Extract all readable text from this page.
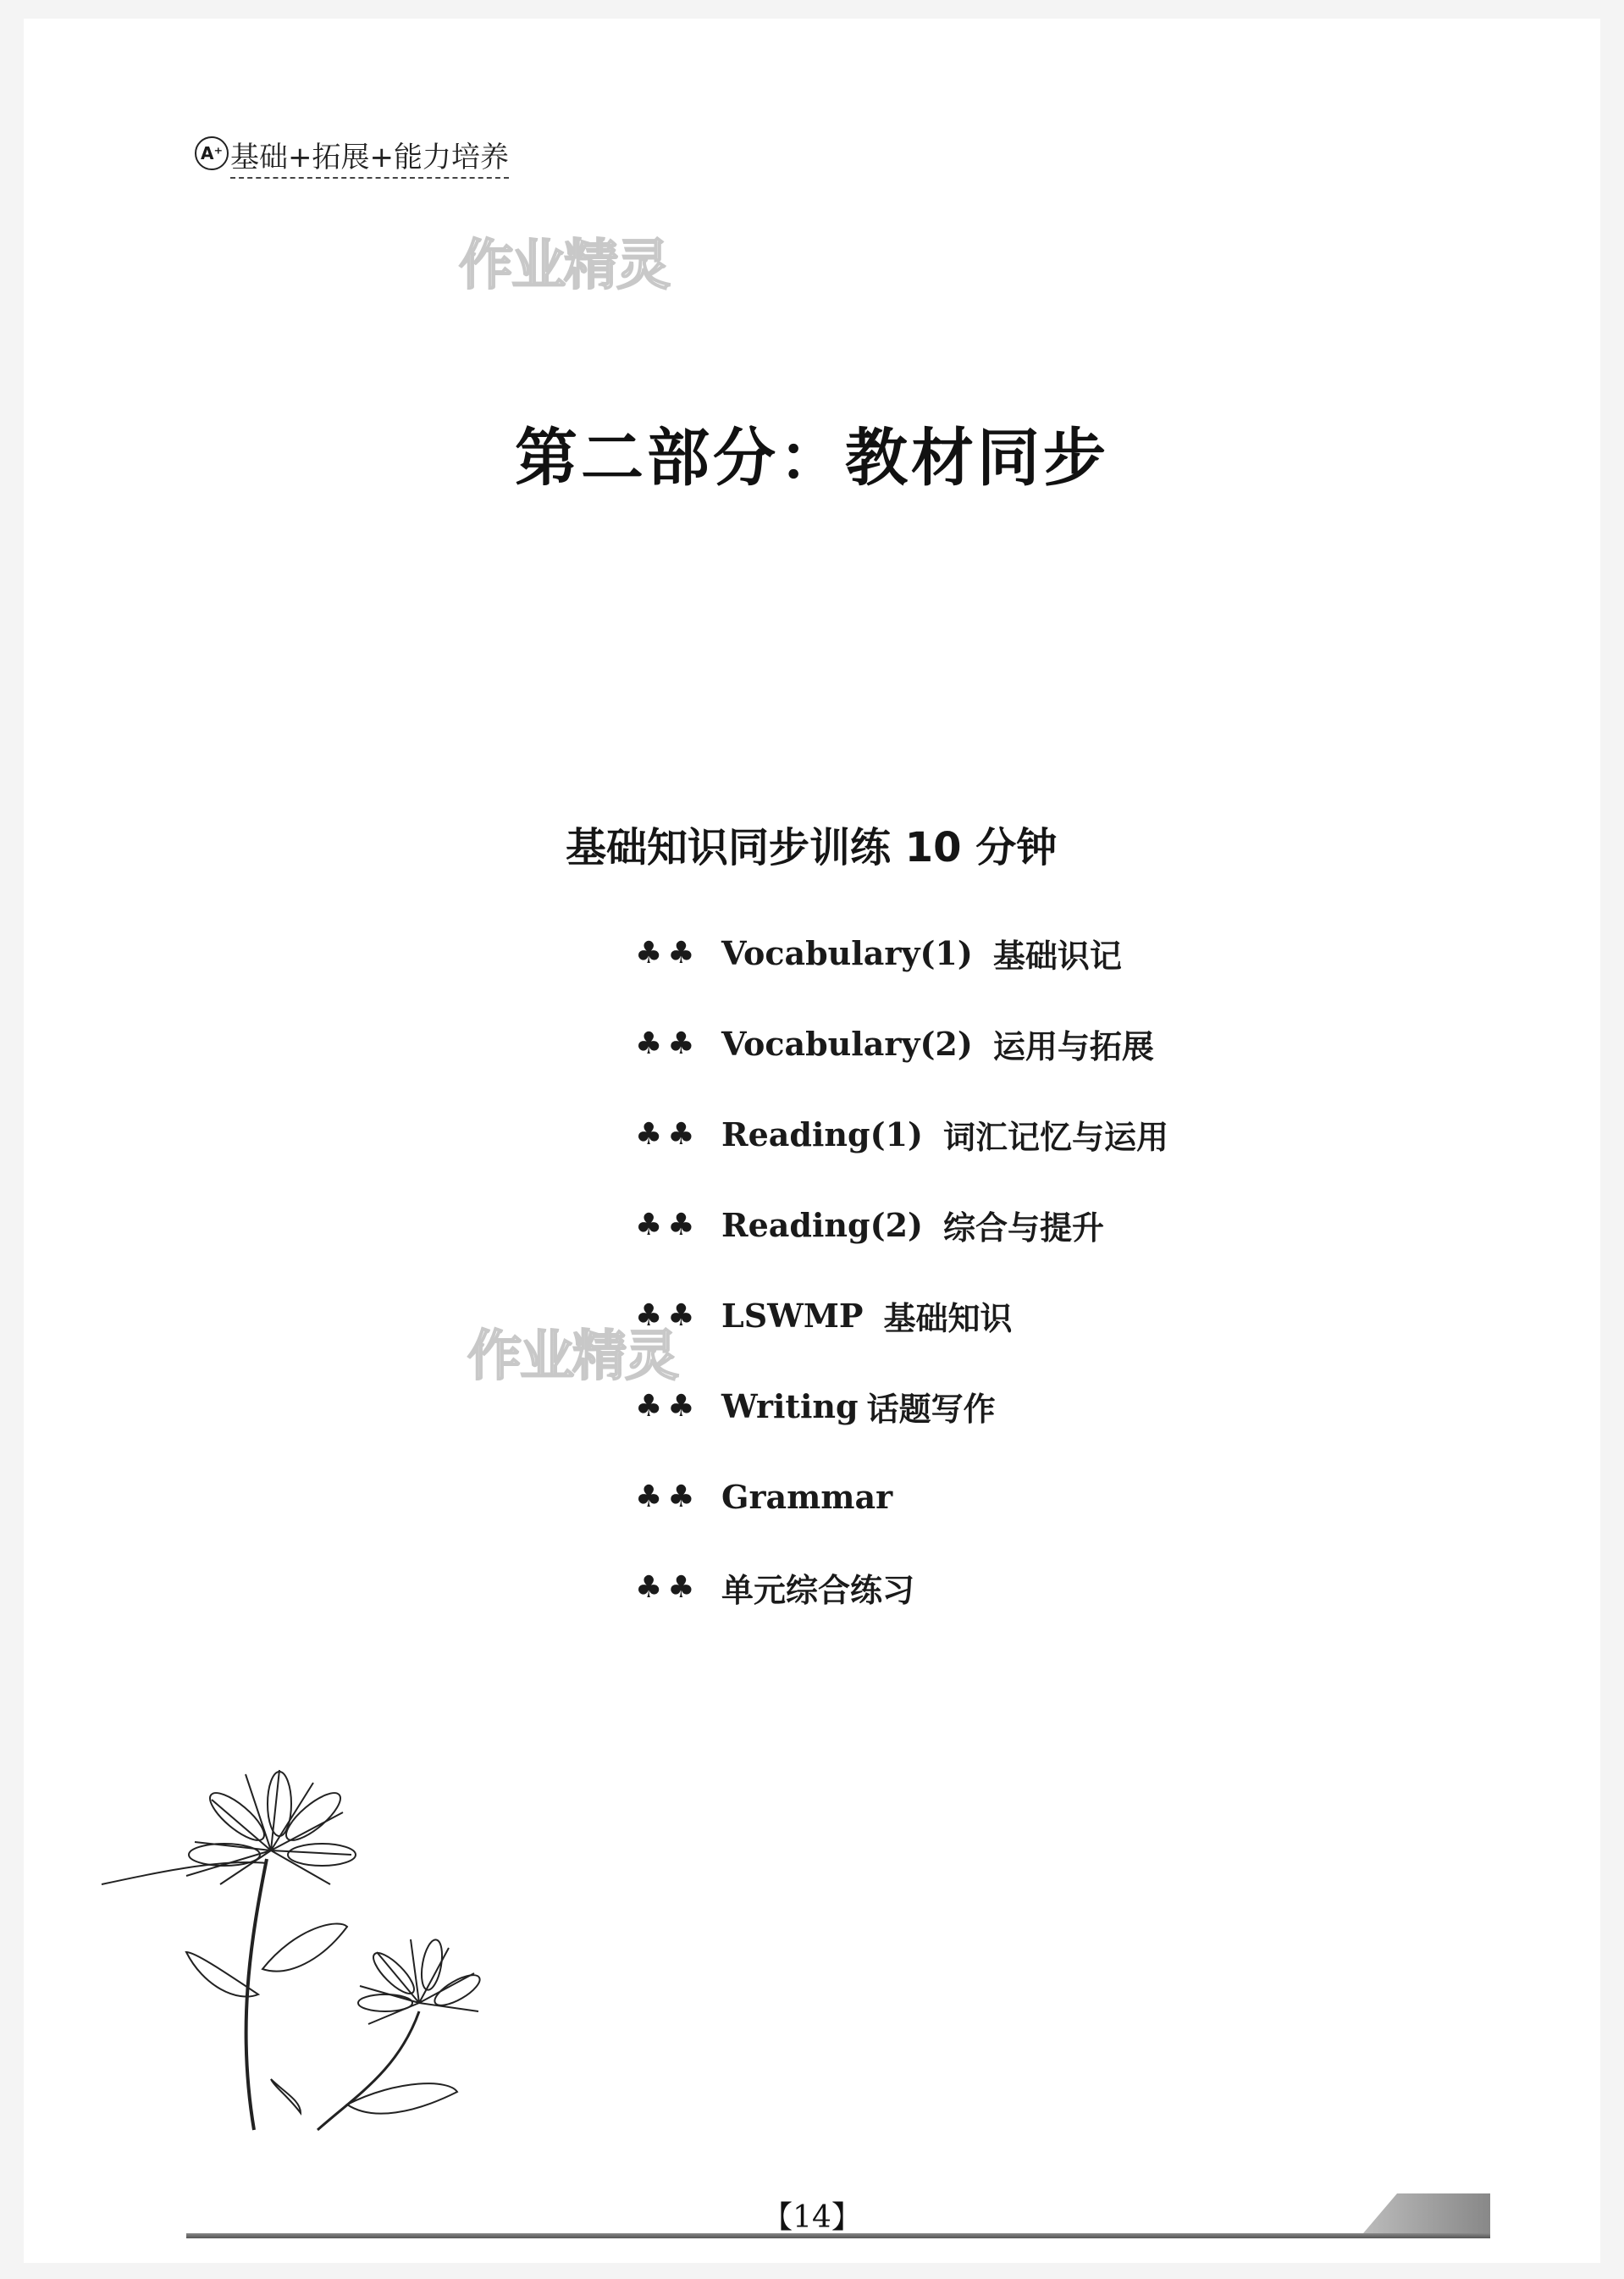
A⁺ 基础+拓展+能力培养
作业精灵
作业精灵
第二部分：教材同步
基础知识同步训练 10 分钟
♣♣ Vocabulary(1) 基础识记
♣♣ Vocabulary(2) 运用与拓展
♣♣ Reading(1) 词汇记忆与运用
♣♣ Reading(2) 综合与提升
♣♣ LSWMP 基础知识
♣♣ Writing 话题写作
♣♣ Grammar
♣♣ 单元综合练习
【14】
